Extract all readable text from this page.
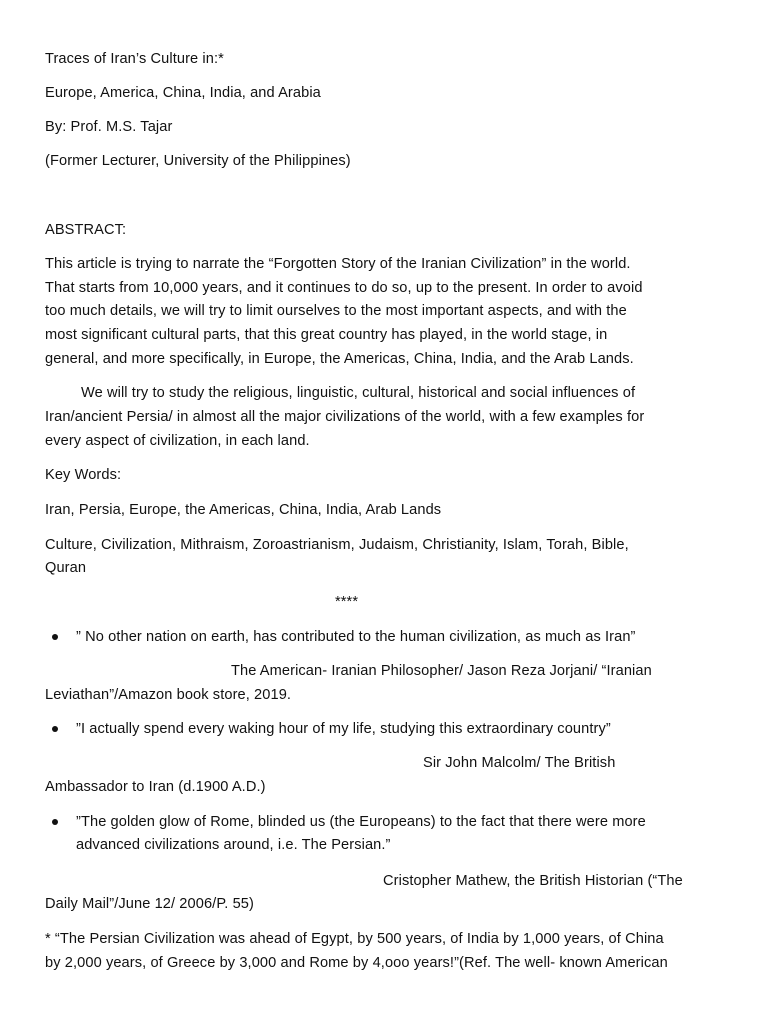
Traces of Iran’s Culture in:*

Europe, America, China, India, and Arabia

By: Prof. M.S. Tajar

(Former Lecturer, University of the Philippines)

ABSTRACT:

This article is trying to narrate the “Forgotten Story of the Iranian Civilization” in the world.

That starts from 10,000 years, and it continues to do so, up to the present. In order to avoid

too much details, we will try to limit ourselves to the most important aspects, and with the

most significant cultural parts, that this great country has played, in the world stage, in

general, and more specifically, in Europe, the Americas, China, India, and the Arab Lands.

We will try to study the religious, linguistic, cultural, historical and social influences of

Iran/ancient Persia/ in almost all the major civilizations of the world, with a few examples for

every aspect of civilization, in each land.

Key Words:

Iran, Persia, Europe, the Americas, China, India, Arab Lands

Culture, Civilization, Mithraism, Zoroastrianism, Judaism, Christianity, Islam, Torah, Bible,

Quran

****

” No other nation on earth, has contributed to the human civilization, as much as Iran”

The American- Iranian Philosopher/ Jason Reza Jorjani/ “Iranian

Leviathan”/Amazon book store, 2019.

”I actually spend every waking hour of my life, studying this extraordinary country”

Sir John Malcolm/ The British

Ambassador to Iran (d.1900 A.D.)

”The golden glow of Rome, blinded us (the Europeans) to the fact that there were more

advanced civilizations around, i.e. The Persian.”

Cristopher Mathew, the British Historian (“The

Daily Mail”/June 12/ 2006/P. 55)

* “The Persian Civilization was ahead of Egypt, by 500 years, of India by 1,000 years, of China

by 2,000 years, of Greece by 3,000 and Rome by 4,ooo years!”(Ref. The well- known American
